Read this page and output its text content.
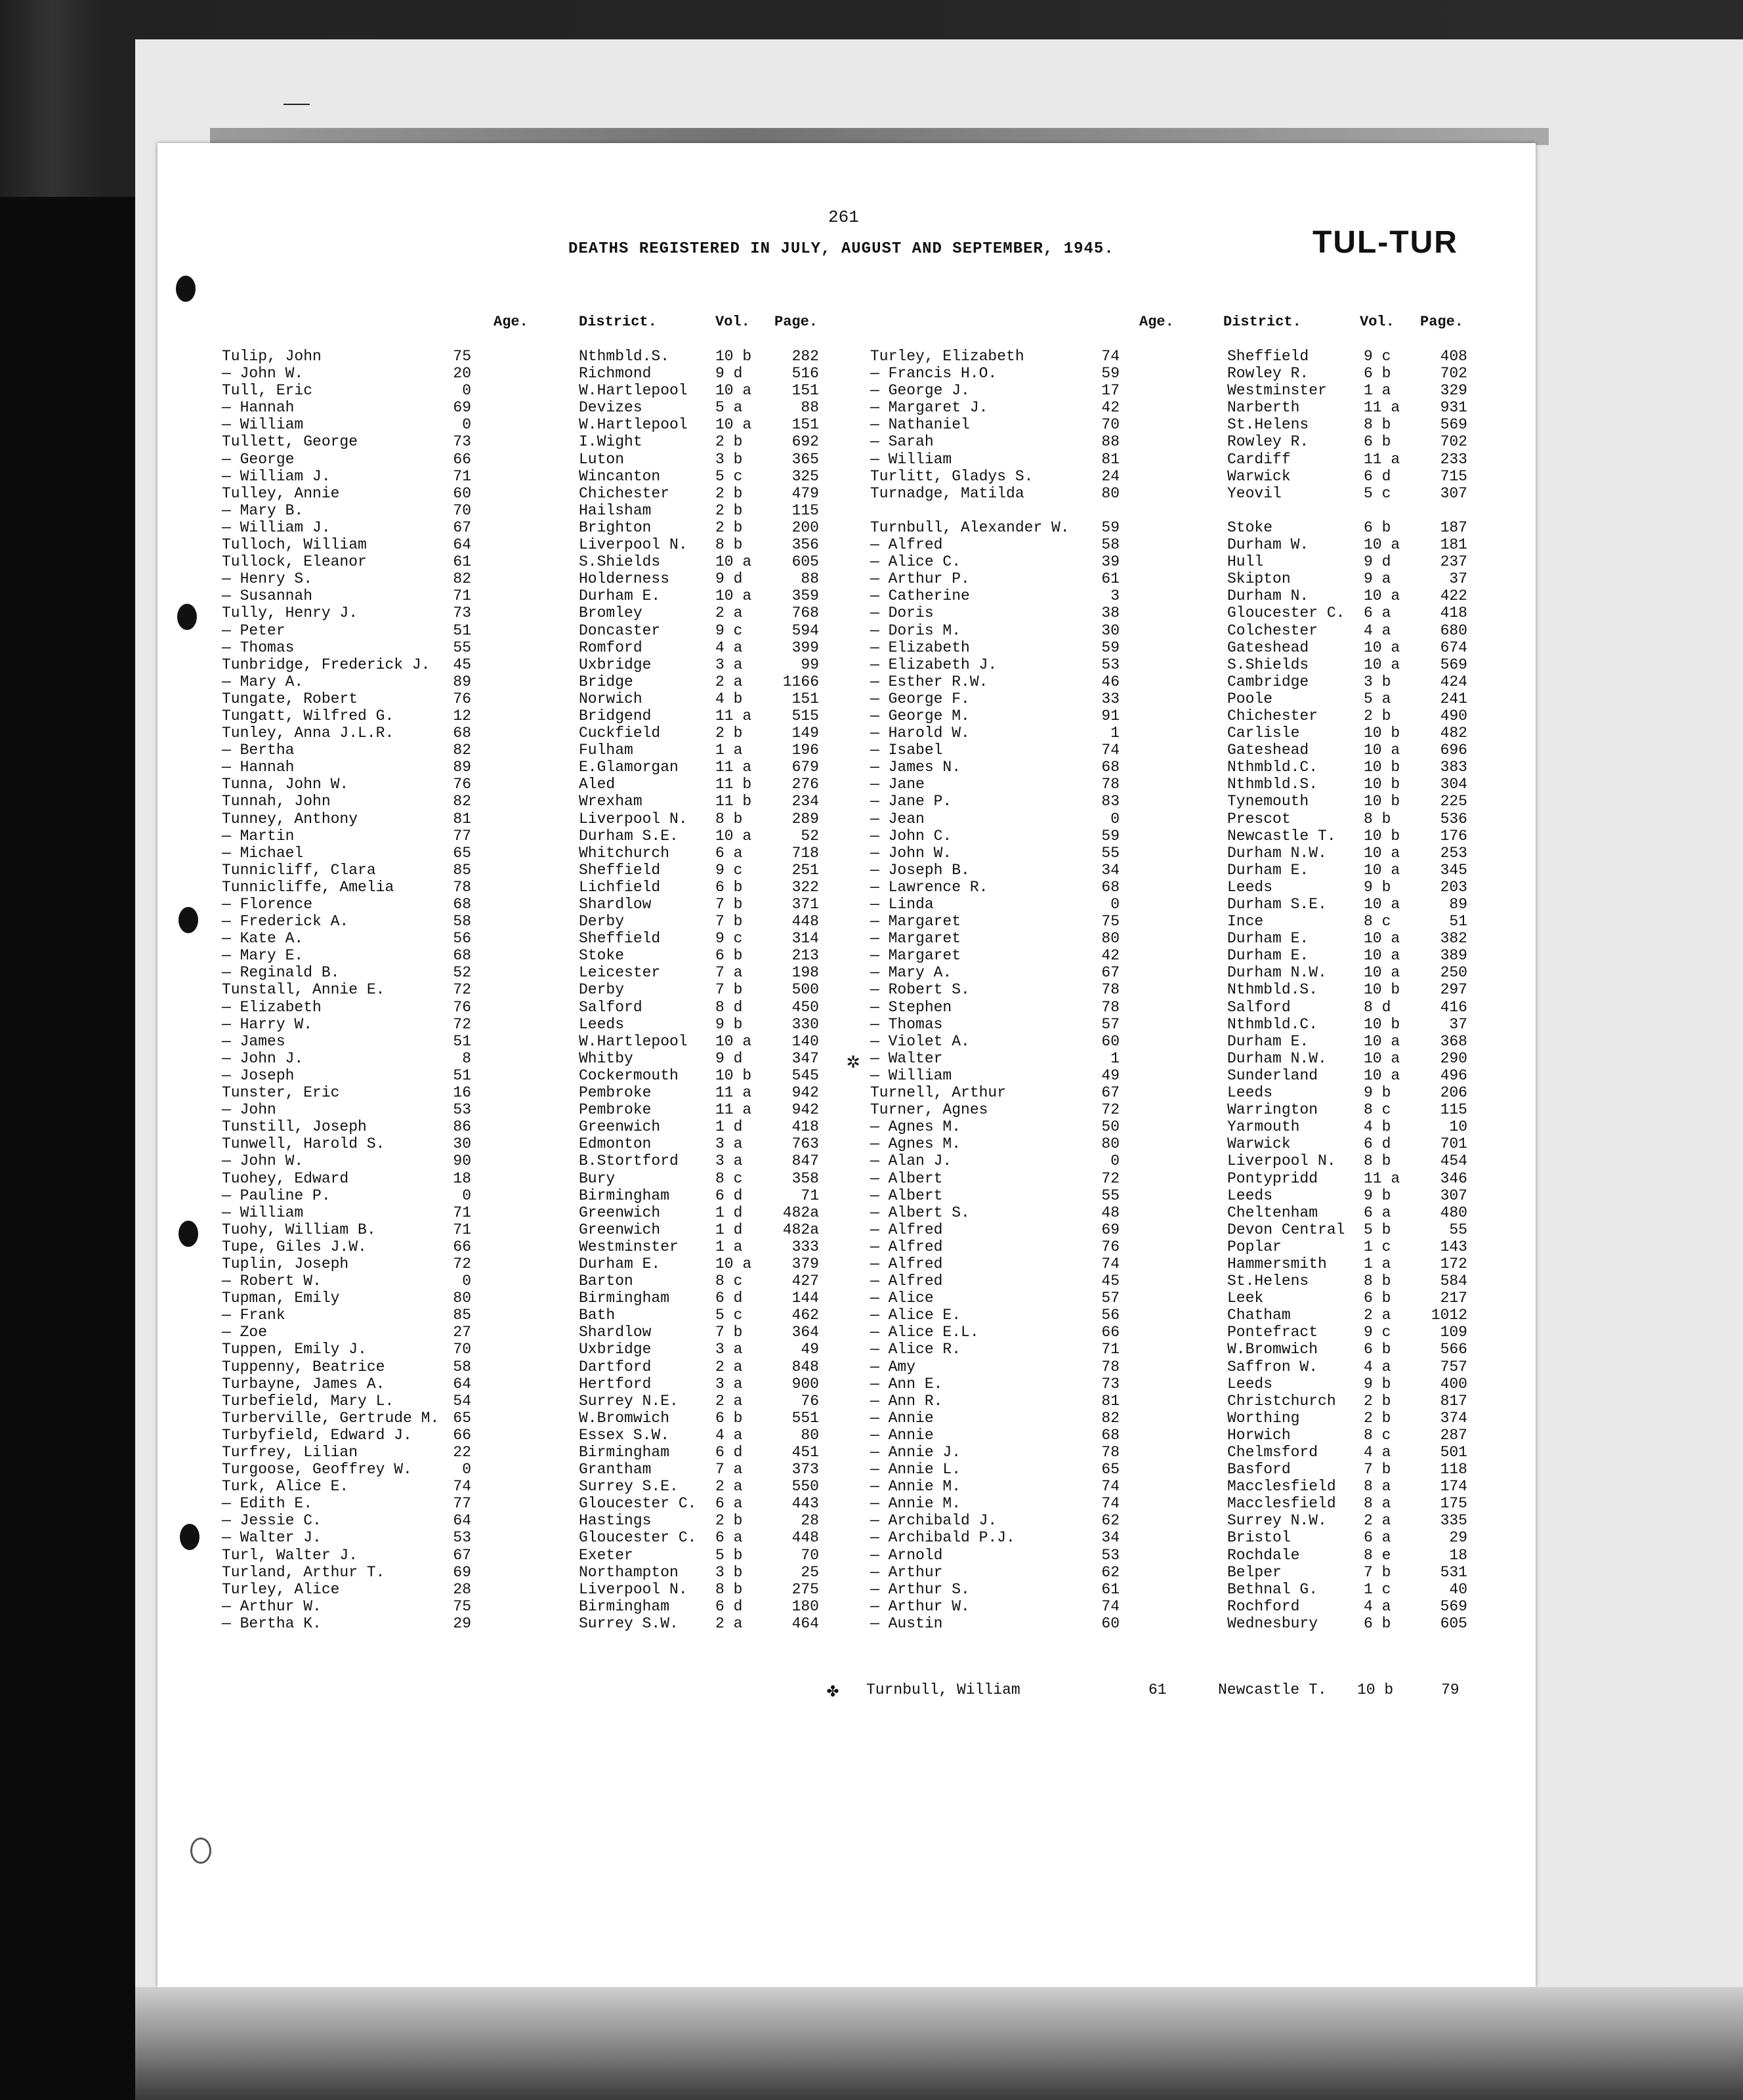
261
DEATHS REGISTERED IN JULY, AUGUST AND SEPTEMBER, 1945.	TUL-TUR
Age.	District.	Vol. Page.	Age.	District.	Vol. Page.
Tulip, John	75	Nthmbld.S.	10 b	282
— John W.	20	Richmond	9 d	516
Tull, Eric	0	W.Hartlepool 10 a	151
— Hannah	69	Devizes	5 a	88
— William	0	W.Hartlepool 10 a	151
Tullett, George	73	I.Wight	2 b	692
— George	66	Luton	3 b	365
— William J.	71	Wincanton	5 c	325
Tulley, Annie	60	Chichester	2 b	479
— Mary B.	70	Hailsham	2 b	115
— William J.	67	Brighton	2 b	200
Tulloch, William	64	Liverpool N. 8 b	356
Tullock, Eleanor	61	S.Shields	10 a	605
— Henry S.	82	Holderness	9 d	88
— Susannah	71	Durham E.	10 a	359
Tully, Henry J.	73	Bromley	2 a	768
— Peter	51	Doncaster	9 c	594
— Thomas	55	Romford	4 a	399
Tunbridge, Frederick J. 45	Uxbridge	3 a	99
— Mary A.	89	Bridge	2 a	1166
Tungate, Robert	76	Norwich	4 b	151
Tungatt, Wilfred G.	12	Bridgend	11 a	515
Tunley, Anna J.L.R.	68	Cuckfield	2 b	149
— Bertha	82	Fulham	1 a	196
— Hannah	89	E.Glamorgan 11 a	679
Tunna, John W.	76	Aled	11 b	276
Tunnah, John	82	Wrexham	11 b	234
Tunney, Anthony	81	Liverpool N. 8 b	289
— Martin	77	Durham S.E. 10 a	52
— Michael	65	Whitchurch	6 a	718
Tunnicliff, Clara	85	Sheffield	9 c	251
Tunnicliffe, Amelia	78	Lichfield	6 b	322
— Florence	68	Shardlow	7 b	371
— Frederick A.	58	Derby	7 b	448
— Kate A.	56	Sheffield	9 c	314
— Mary E.	68	Stoke	6 b	213
— Reginald B.	52	Leicester	7 a	198
Tunstall, Annie E.	72	Derby	7 b	500
— Elizabeth	76	Salford	8 d	450
— Harry W.	72	Leeds	9 b	330
— James	51	W.Hartlepool 10 a	140
— John J.	8	Whitby	9 d	347
— Joseph	51	Cockermouth 10 b	545
Tunster, Eric	16	Pembroke	11 a	942
— John	53	Pembroke	11 a	942
Tunstill, Joseph	86	Greenwich	1 d	418
Tunwell, Harold S.	30	Edmonton	3 a	763
— John W.	90	B.Stortford 3 a	847
Tuohey, Edward	18	Bury	8 c	358
— Pauline P.	0	Birmingham	6 d	71
— William	71	Greenwich	1 d	482a
Tuohy, William B.	71	Greenwich	1 d	482a
Tupe, Giles J.W.	66	Westminster 1 a	333
Tuplin, Joseph	72	Durham E.	10 a	379
— Robert W.	0	Barton	8 c	427
Tupman, Emily	80	Birmingham	6 d	144
— Frank	85	Bath	5 c	462
— Zoe	27	Shardlow	7 b	364
Tuppen, Emily J.	70	Uxbridge	3 a	49
Tuppenny, Beatrice	58	Dartford	2 a	848
Turbayne, James A.	64	Hertford	3 a	900
Turbefield, Mary L.	54	Surrey N.E. 2 a	76
Turberville, Gertrude M. 65	W.Bromwich	6 b	551
Turbyfield, Edward J.	66	Essex S.W.	4 a	80
Turfrey, Lilian	22	Birmingham	6 d	451
Turgoose, Geoffrey W.	0	Grantham	7 a	373
Turk, Alice E.	74	Surrey S.E. 2 a	550
— Edith E.	77	Gloucester C. 6 a	443
— Jessie C.	64	Hastings	2 b	28
— Walter J.	53	Gloucester C. 6 a	448
Turl, Walter J.	67	Exeter	5 b	70
Turland, Arthur T.	69	Northampton 3 b	25
Turley, Alice	28	Liverpool N. 8 b	275
— Arthur W.	75	Birmingham	6 d	180
— Bertha K.	29	Surrey S.W. 2 a	464
Turley, Elizabeth	74	Sheffield	9 c	408
— Francis H.O.	59	Rowley R.	6 b	702
— George J.	17	Westminster 1 a	329
— Margaret J.	42	Narberth	11 a	931
— Nathaniel	70	St.Helens	8 b	569
— Sarah	88	Rowley R.	6 b	702
— William	81	Cardiff	11 a	233
Turlitt, Gladys S.	24	Warwick	6 d	715
Turnadge, Matilda	80	Yeovil	5 c	307
Turnbull, Alexander W. 59	Stoke	6 b	187
— Alfred	58	Durham W.	10 a	181
— Alice C.	39	Hull	9 d	237
— Arthur P.	61	Skipton	9 a	37
— Catherine	3	Durham N.	10 a	422
— Doris	38	Gloucester C. 6 a	418
— Doris M.	30	Colchester	4 a	680
— Elizabeth	59	Gateshead	10 a	674
— Elizabeth J.	53	S.Shields	10 a	569
— Esther R.W.	46	Cambridge	3 b	424
— George F.	33	Poole	5 a	241
— George M.	91	Chichester	2 b	490
— Harold W.	1	Carlisle	10 b	482
— Isabel	74	Gateshead	10 a	696
— James N.	68	Nthmbld.C.	10 b	383
— Jane	78	Nthmbld.S.	10 b	304
— Jane P.	83	Tynemouth	10 b	225
— Jean	0	Prescot	8 b	536
— John C.	59	Newcastle T. 10 b	176
— John W.	55	Durham N.W. 10 a	253
— Joseph B.	34	Durham E.	10 a	345
— Lawrence R.	68	Leeds	9 b	203
— Linda	0	Durham S.E. 10 a	89
— Margaret	75	Ince	8 c	51
— Margaret	80	Durham E.	10 a	382
— Margaret	42	Durham E.	10 a	389
— Mary A.	67	Durham N.W. 10 a	250
— Robert S.	78	Nthmbld.S.	10 b	297
— Stephen	78	Salford	8 d	416
— Thomas	57	Nthmbld.C.	10 b	37
— Violet A.	60	Durham E.	10 a	368
— Walter	1	Durham N.W. 10 a	290
— William	49	Sunderland	10 a	496
Turnell, Arthur	67	Leeds	9 b	206
Turner, Agnes	72	Warrington	8 c	115
— Agnes M.	50	Yarmouth	4 b	10
— Agnes M.	80	Warwick	6 d	701
— Alan J.	0	Liverpool N. 8 b	454
— Albert	72	Pontypridd	11 a	346
— Albert	55	Leeds	9 b	307
— Albert S.	48	Cheltenham	6 a	480
— Alfred	69	Devon Central 5 b	55
— Alfred	76	Poplar	1 c	143
— Alfred	74	Hammersmith 1 a	172
— Alfred	45	St.Helens	8 b	584
— Alice	57	Leek	6 b	217
— Alice E.	56	Chatham	2 a	1012
— Alice E.L.	66	Pontefract	9 c	109
— Alice R.	71	W.Bromwich	6 b	566
— Amy	78	Saffron W.	4 a	757
— Ann E.	73	Leeds	9 b	400
— Ann R.	81	Christchurch 2 b	817
— Annie	82	Worthing	2 b	374
— Annie	68	Horwich	8 c	287
— Annie J.	78	Chelmsford	4 a	501
— Annie L.	65	Basford	7 b	118
— Annie M.	74	Macclesfield 8 a	174
— Annie M.	74	Macclesfield 8 a	175
— Archibald J.	62	Surrey N.W. 2 a	335
— Archibald P.J.	34	Bristol	6 a	29
— Arnold	53	Rochdale	8 e	18
— Arthur	62	Belper	7 b	531
— Arthur S.	61	Bethnal G.	1 c	40
— Arthur W.	74	Rochford	4 a	569
— Austin	60	Wednesbury	6 b	605
✲
✤ Turnbull, William	61	Newcastle T. 10 b	79
